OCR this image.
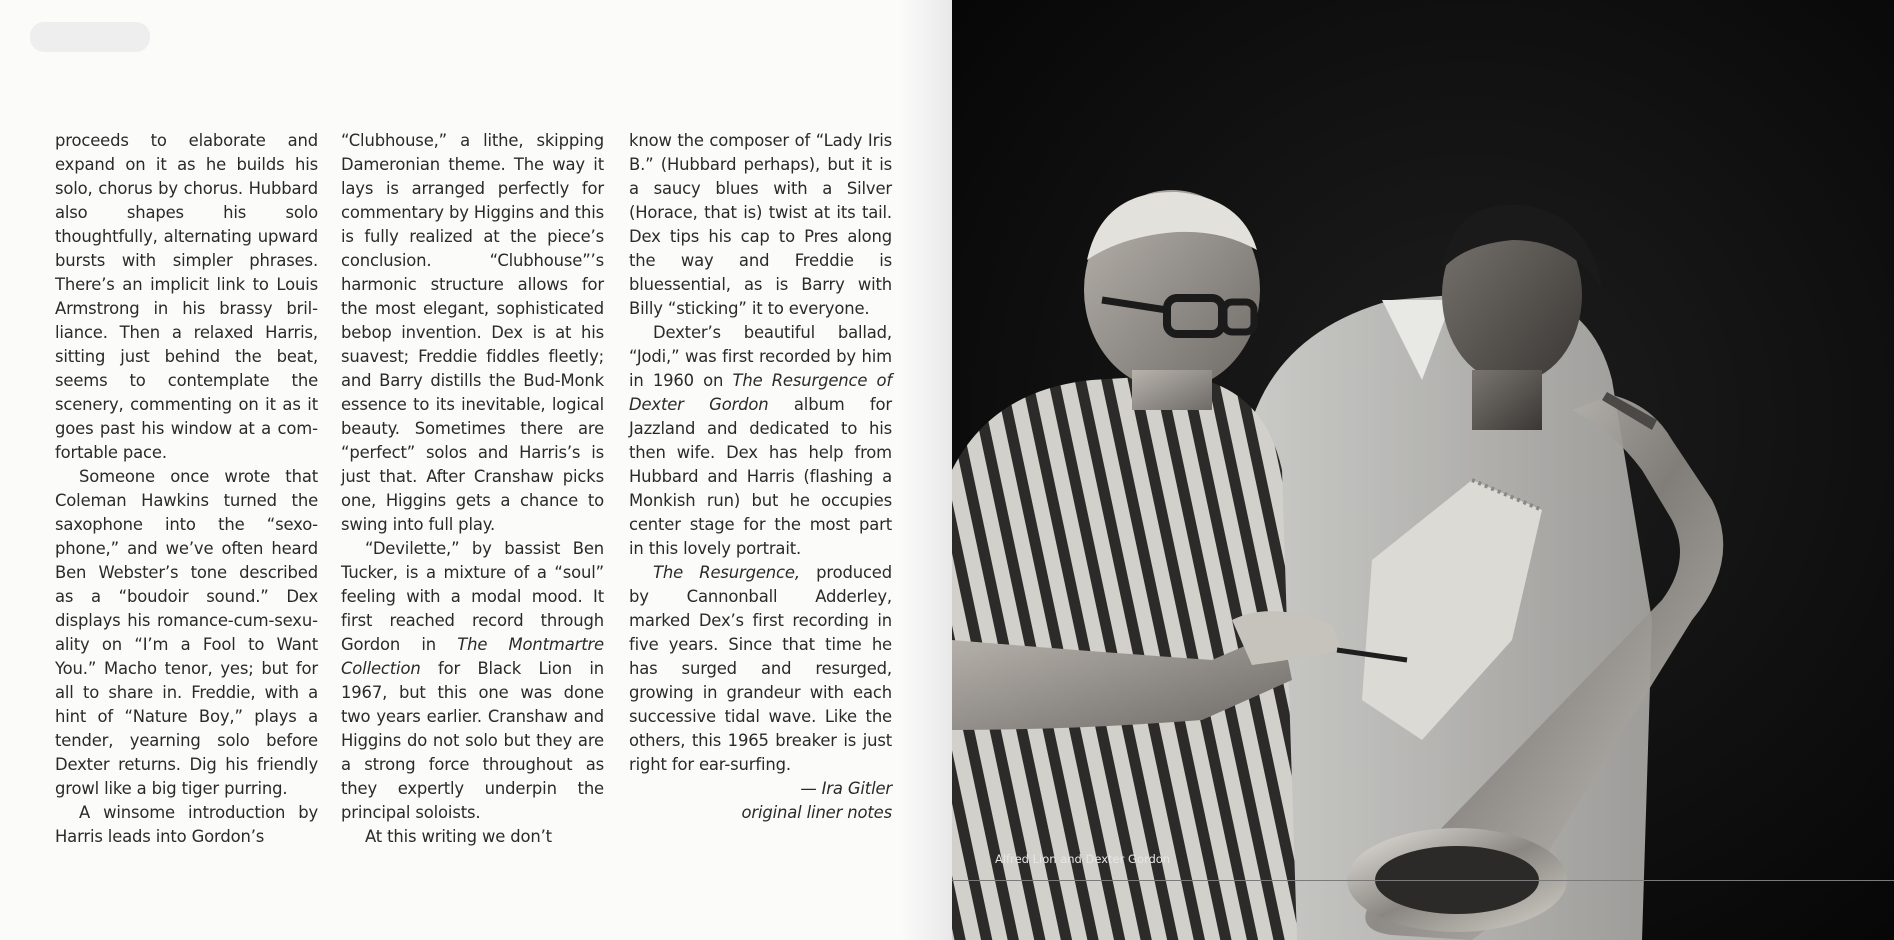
proceeds to elaborate and expand on it as he builds his solo, chorus by chorus. Hubbard also shapes his solo thoughtfully, alternating upward bursts with simpler phrases. There’s an implicit link to Louis Armstrong in his brassy brilliance. Then a relaxed Harris, sitting just behind the beat, seems to contemplate the scenery, commenting on it as it goes past his window at a comfortable pace.

Someone once wrote that Coleman Hawkins turned the saxophone into the “sexophone,” and we’ve often heard Ben Webster’s tone described as a “boudoir sound.” Dex displays his romance-cum-sexuality on “I’m a Fool to Want You.” Macho tenor, yes; but for all to share in. Freddie, with a hint of “Nature Boy,” plays a tender, yearning solo before Dexter returns. Dig his friendly growl like a big tiger purring.

A winsome introduction by Harris leads into Gordon’s

“Clubhouse,” a lithe, skipping Dameronian theme. The way it lays is arranged perfectly for commentary by Higgins and this is fully realized at the piece’s conclusion. “Clubhouse”’s harmonic structure allows for the most elegant, sophisticated bebop invention. Dex is at his suavest; Freddie fiddles fleetly; and Barry distills the Bud-Monk essence to its inevitable, logical beauty. Sometimes there are “perfect” solos and Harris’s is just that. After Cranshaw picks one, Higgins gets a chance to swing into full play.

“Devilette,” by bassist Ben Tucker, is a mixture of a “soul” feeling with a modal mood. It first reached record through Gordon in The Montmartre Collection for Black Lion in 1967, but this one was done two years earlier. Cranshaw and Higgins do not solo but they are a strong force throughout as they expertly underpin the principal soloists.

At this writing we don’t

know the composer of “Lady Iris B.” (Hubbard perhaps), but it is a saucy blues with a Silver (Horace, that is) twist at its tail. Dex tips his cap to Pres along the way and Freddie is bluessential, as is Barry with Billy “sticking” it to everyone.

Dexter’s beautiful ballad, “Jodi,” was first recorded by him in 1960 on The Resurgence of Dexter Gordon album for Jazzland and dedicated to his then wife. Dex has help from Hubbard and Harris (flashing a Monkish run) but he occupies center stage for the most part in this lovely portrait.

The Resurgence, produced by Cannonball Adderley, marked Dex’s first recording in five years. Since that time he has surged and resurged, growing in grandeur with each successive tidal wave. Like the others, this 1965 breaker is just right for ear-surfing.

— Ira Gitler

original liner notes

Alfred Lion and Dexter Gordon
